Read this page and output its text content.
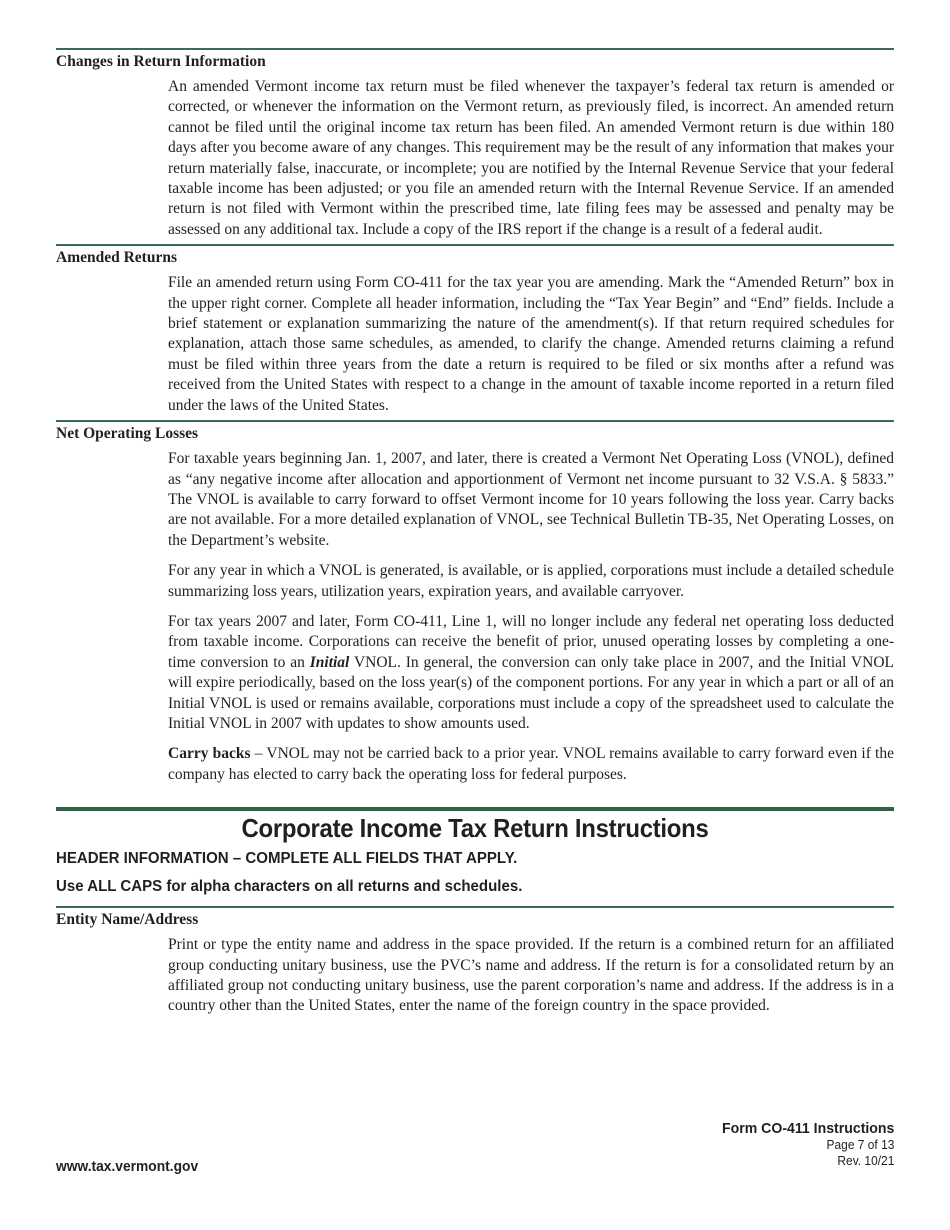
Changes in Return Information

An amended Vermont income tax return must be filed whenever the taxpayer’s federal tax return is amended or corrected, or whenever the information on the Vermont return, as previously filed, is incorrect. An amended return cannot be filed until the original income tax return has been filed. An amended Vermont return is due within 180 days after you become aware of any changes. This requirement may be the result of any information that makes your return materially false, inaccurate, or incomplete; you are notified by the Internal Revenue Service that your federal taxable income has been adjusted; or you file an amended return with the Internal Revenue Service. If an amended return is not filed with Vermont within the prescribed time, late filing fees may be assessed and penalty may be assessed on any additional tax. Include a copy of the IRS report if the change is a result of a federal audit.

Amended Returns

File an amended return using Form CO-411 for the tax year you are amending. Mark the “Amended Return” box in the upper right corner. Complete all header information, including the “Tax Year Begin” and “End” fields. Include a brief statement or explanation summarizing the nature of the amendment(s). If that return required schedules for explanation, attach those same schedules, as amended, to clarify the change. Amended returns claiming a refund must be filed within three years from the date a return is required to be filed or six months after a refund was received from the United States with respect to a change in the amount of taxable income reported in a return filed under the laws of the United States.

Net Operating Losses

For taxable years beginning Jan. 1, 2007, and later, there is created a Vermont Net Operating Loss (VNOL), defined as “any negative income after allocation and apportionment of Vermont net income pursuant to 32 V.S.A. § 5833.” The VNOL is available to carry forward to offset Vermont income for 10 years following the loss year. Carry backs are not available. For a more detailed explanation of VNOL, see Technical Bulletin TB-35, Net Operating Losses, on the Department’s website.

For any year in which a VNOL is generated, is available, or is applied, corporations must include a detailed schedule summarizing loss years, utilization years, expiration years, and available carryover.

For tax years 2007 and later, Form CO-411, Line 1, will no longer include any federal net operating loss deducted from taxable income. Corporations can receive the benefit of prior, unused operating losses by completing a one-time conversion to an Initial VNOL. In general, the conversion can only take place in 2007, and the Initial VNOL will expire periodically, based on the loss year(s) of the component portions. For any year in which a part or all of an Initial VNOL is used or remains available, corporations must include a copy of the spreadsheet used to calculate the Initial VNOL in 2007 with updates to show amounts used.

Carry backs – VNOL may not be carried back to a prior year. VNOL remains available to carry forward even if the company has elected to carry back the operating loss for federal purposes.

Corporate Income Tax Return Instructions
HEADER INFORMATION – COMPLETE ALL FIELDS THAT APPLY.
Use ALL CAPS for alpha characters on all returns and schedules.
Entity Name/Address

Print or type the entity name and address in the space provided. If the return is a combined return for an affiliated group conducting unitary business, use the PVC’s name and address. If the return is for a consolidated return by an affiliated group not conducting unitary business, use the parent corporation’s name and address. If the address is in a country other than the United States, enter the name of the foreign country in the space provided.

Form CO-411 Instructions
Page 7 of 13
Rev. 10/21
www.tax.vermont.gov
